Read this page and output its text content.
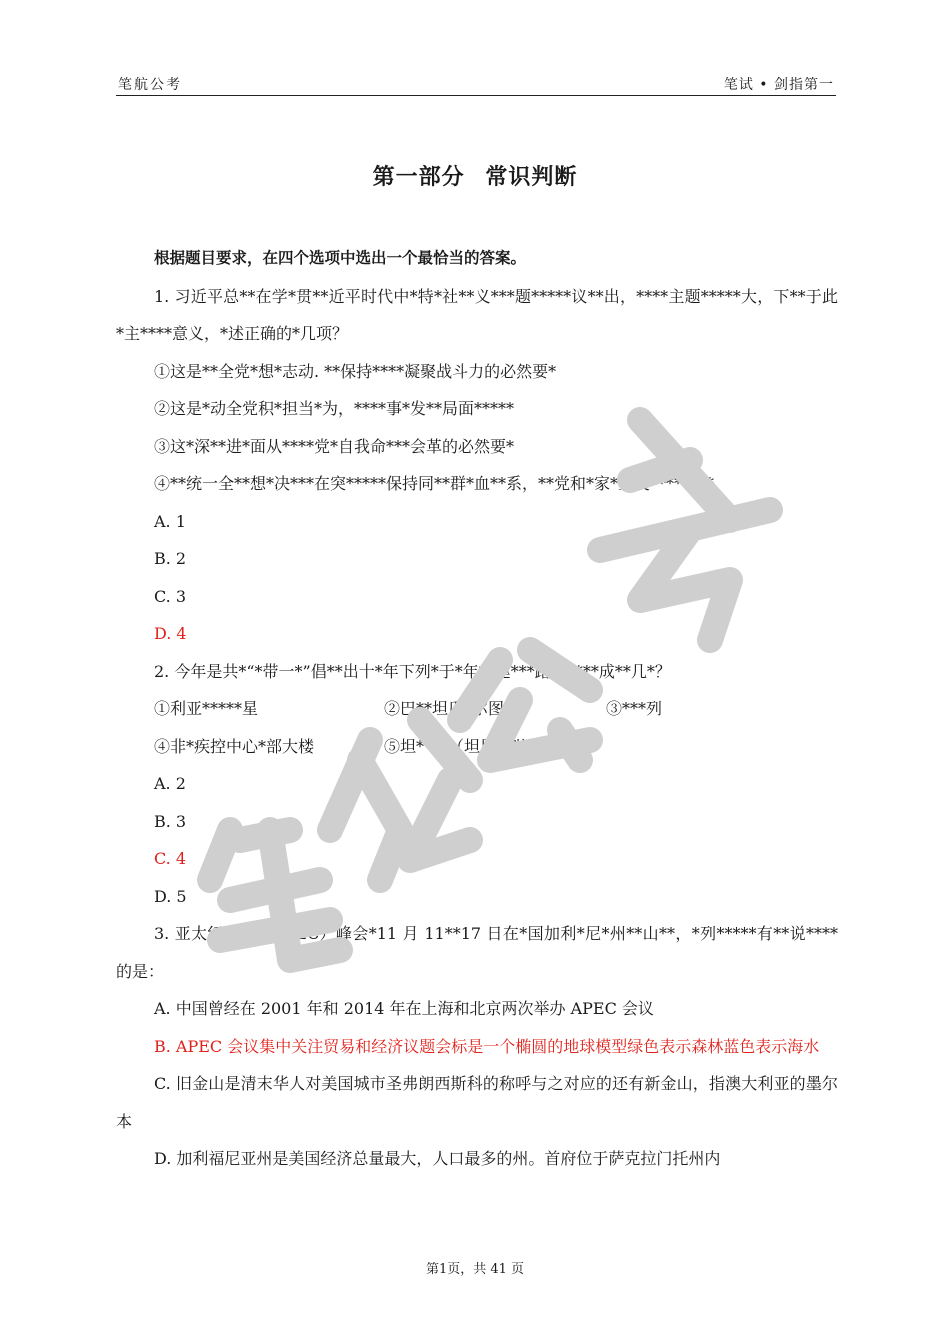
笔航公考	笔试 • 剑指第一
第一部分 常识判断

根据题目要求，在四个选项中选出一个最恰当的答案。

1. 习近平总**在学*贯**近平时代中*特*社**义***题*****议**出，****主题*****大，下**于此*主****意义，*述正确的*几项？

①这是**全党*想*志动. **保持****凝聚战斗力的必然要*

②这是*动全党积*担当*为，****事*发**局面*****

③这*深**进*面从****党*自我命***会革的必然要*

④**统一全**想*决***在突*****保持同**群*血**系，**党和*家*业发*****意*

A. 1

B. 2

C. 3

D. 4

2. 今年是共*“*带一*”倡**出十*年下列*于*年**建***路”*****成**几*？

①利亚*****星	②巴**坦瓜*尔图	③***列
④非*疾控中心*部大楼	⑤坦**路（坦尼*到比*）

A. 2

B. 3

C. 4

D. 5

3. 亚太经合**（APEC）峰会*11 月 11**17 日在*国加利*尼*州**山**，*列*****有**说****的是：

A. 中国曾经在 2001 年和 2014 年在上海和北京两次举办 APEC 会议

B. APEC 会议集中关注贸易和经济议题会标是一个椭圆的地球模型绿色表示森林蓝色表示海水

C. 旧金山是清末华人对美国城市圣弗朗西斯科的称呼与之对应的还有新金山，指澳大利亚的墨尔本

D. 加利福尼亚州是美国经济总量最大，人口最多的州。首府位于萨克拉门托州内

第1页，共 41 页
